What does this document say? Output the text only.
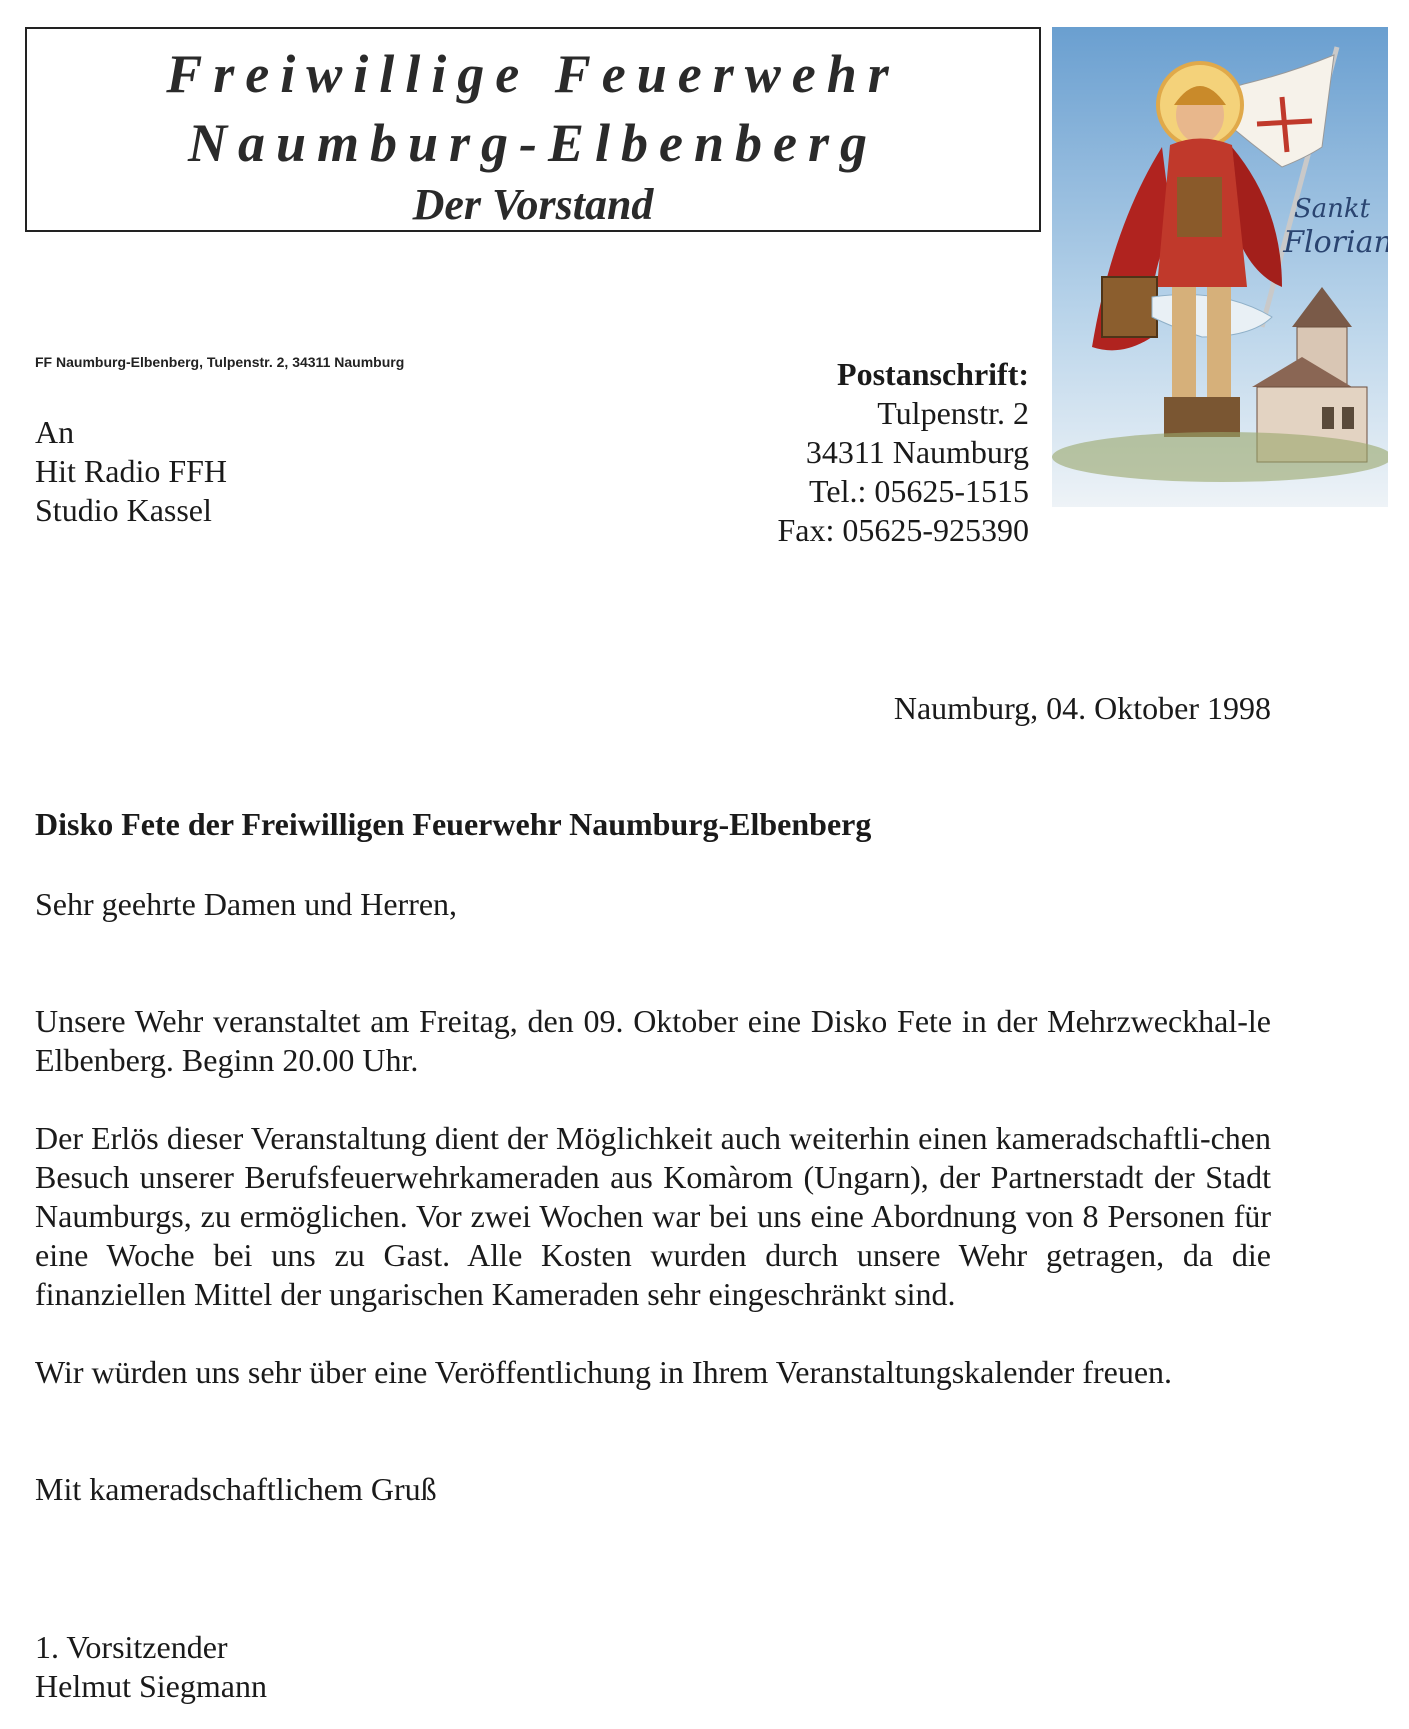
Freiwillige Feuerwehr
Naumburg-Elbenberg
Der Vorstand	Sankt
Florian
FF Naumburg-Elbenberg, Tulpenstr. 2, 34311 Naumburg
An
Hit Radio FFH
Studio Kassel
Postanschrift:
Tulpenstr. 2
34311 Naumburg
Tel.: 05625-1515
Fax: 05625-925390
Naumburg, 04. Oktober 1998
Disko Fete der Freiwilligen Feuerwehr Naumburg-Elbenberg
Sehr geehrte Damen und Herren,

Unsere Wehr veranstaltet am Freitag, den 09. Oktober eine Disko Fete in der Mehrzweckhal-le Elbenberg. Beginn 20.00 Uhr.

Der Erlös dieser Veranstaltung dient der Möglichkeit auch weiterhin einen kameradschaftli-chen Besuch unserer Berufsfeuerwehrkameraden aus Komàrom (Ungarn), der Partnerstadt der Stadt Naumburgs, zu ermöglichen. Vor zwei Wochen war bei uns eine Abordnung von 8 Personen für eine Woche bei uns zu Gast. Alle Kosten wurden durch unsere Wehr getragen, da die finanziellen Mittel der ungarischen Kameraden sehr eingeschränkt sind.

Wir würden uns sehr über eine Veröffentlichung in Ihrem Veranstaltungskalender freuen.

Mit kameradschaftlichem Gruß
1. Vorsitzender
Helmut Siegmann
